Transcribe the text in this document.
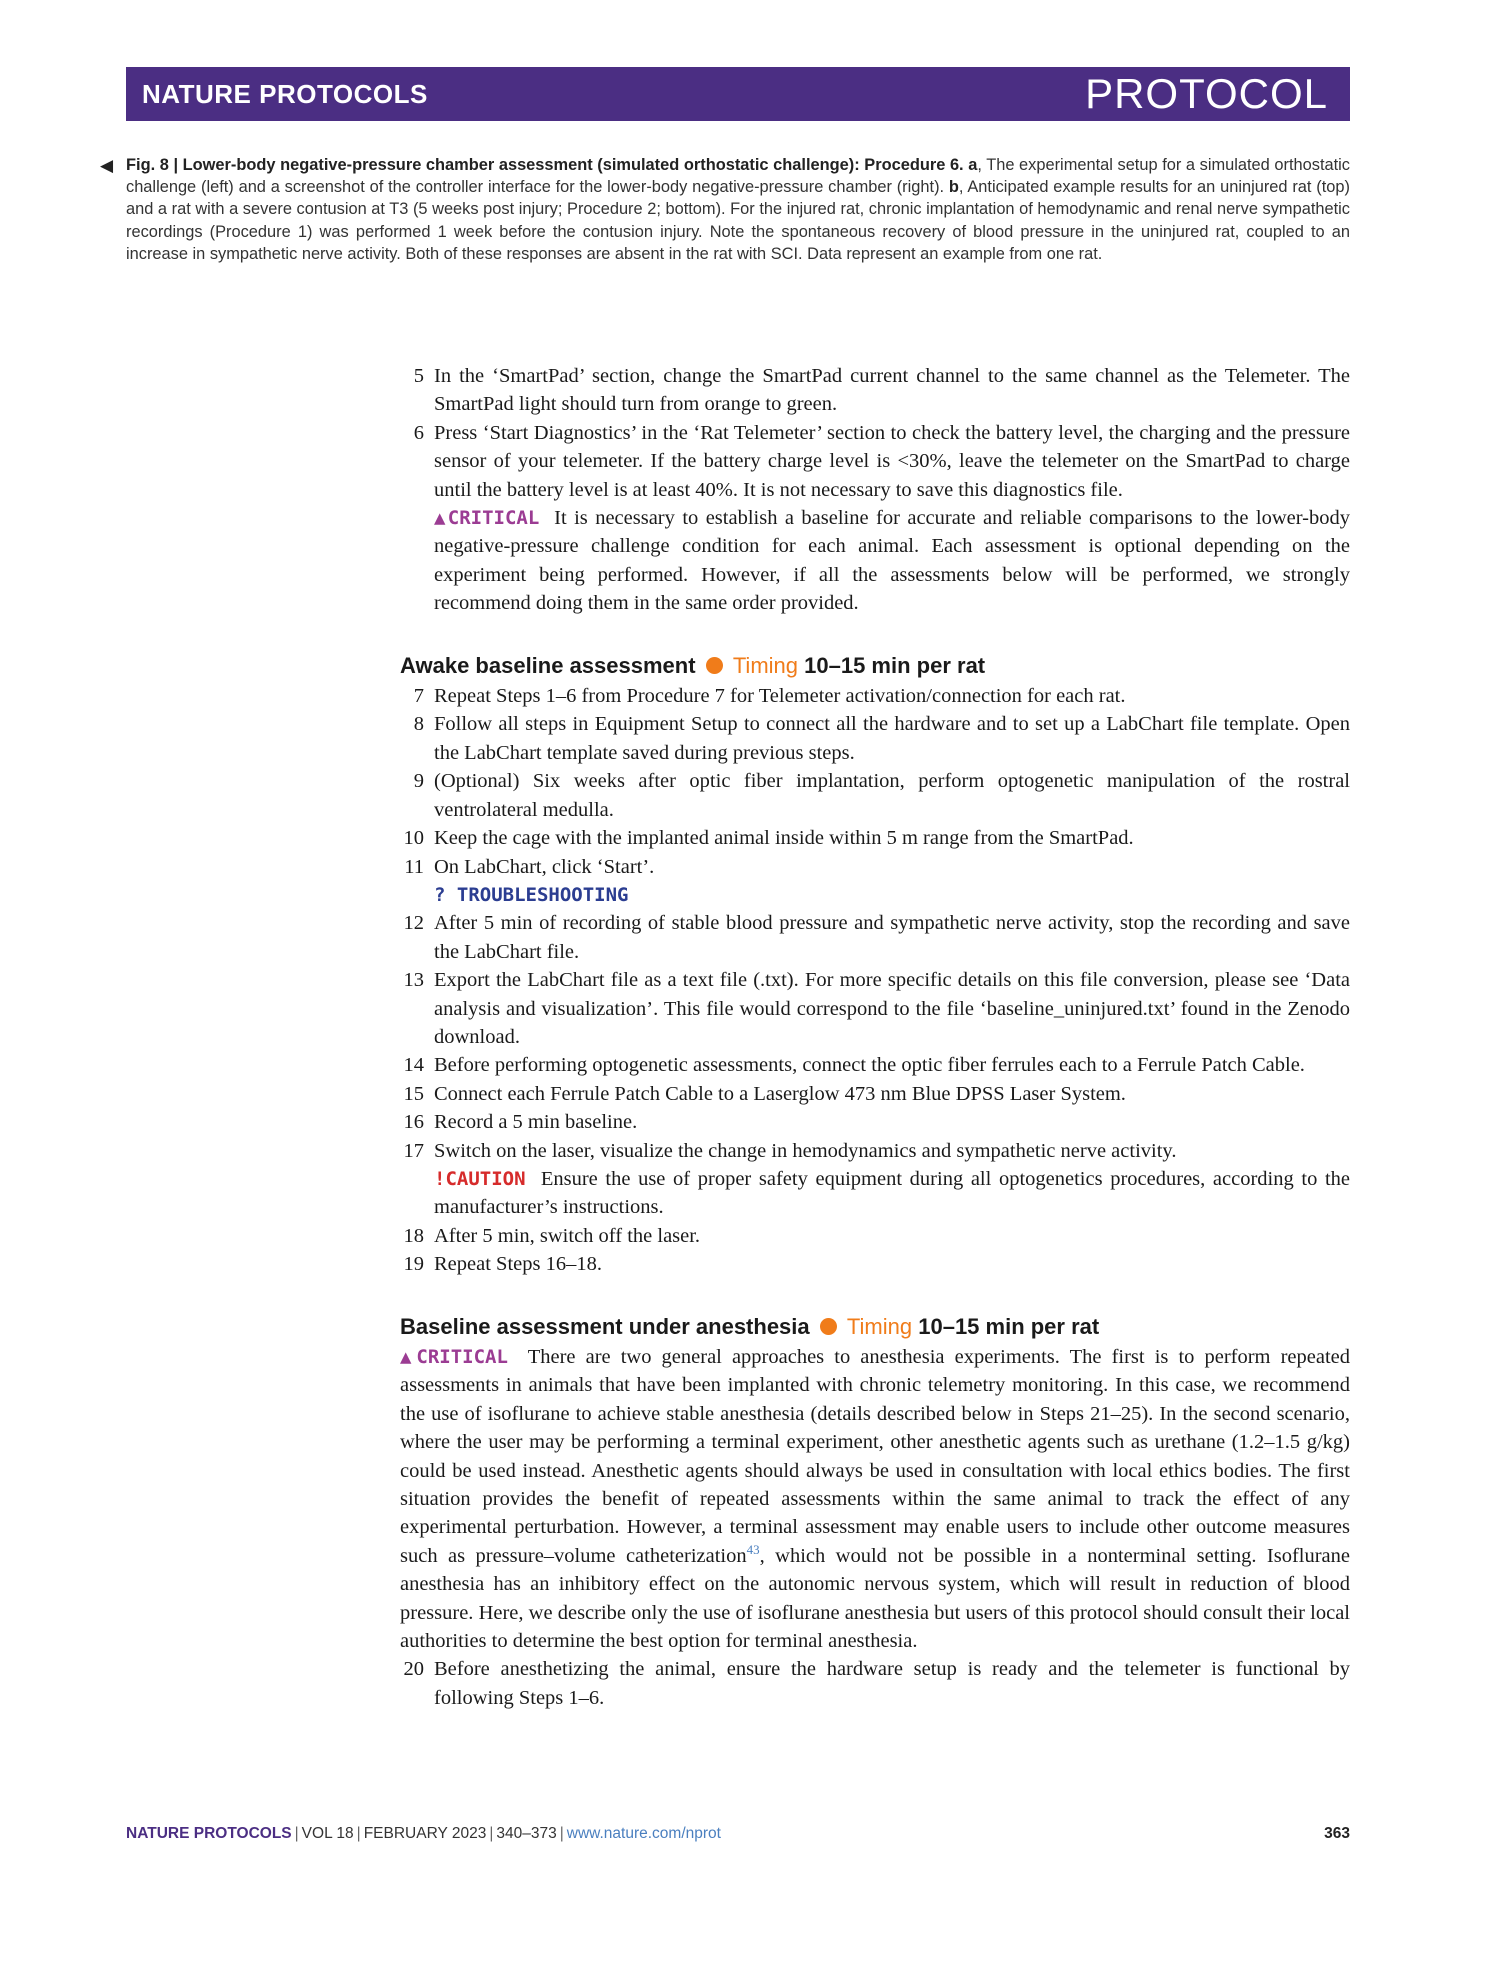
NATURE PROTOCOLS	PROTOCOL
◀ Fig. 8 | Lower-body negative-pressure chamber assessment (simulated orthostatic challenge): Procedure 6. a, The experimental setup for a simulated orthostatic challenge (left) and a screenshot of the controller interface for the lower-body negative-pressure chamber (right). b, Anticipated example results for an uninjured rat (top) and a rat with a severe contusion at T3 (5 weeks post injury; Procedure 2; bottom). For the injured rat, chronic implantation of hemodynamic and renal nerve sympathetic recordings (Procedure 1) was performed 1 week before the contusion injury. Note the spontaneous recovery of blood pressure in the uninjured rat, coupled to an increase in sympathetic nerve activity. Both of these responses are absent in the rat with SCI. Data represent an example from one rat.
5 In the ‘SmartPad’ section, change the SmartPad current channel to the same channel as the Telemeter. The SmartPad light should turn from orange to green.
6 Press ‘Start Diagnostics’ in the ‘Rat Telemeter’ section to check the battery level, the charging and the pressure sensor of your telemeter. If the battery charge level is <30%, leave the telemeter on the SmartPad to charge until the battery level is at least 40%. It is not necessary to save this diagnostics file.
▲CRITICAL It is necessary to establish a baseline for accurate and reliable comparisons to the lower-body negative-pressure challenge condition for each animal. Each assessment is optional depending on the experiment being performed. However, if all the assessments below will be performed, we strongly recommend doing them in the same order provided.
Awake baseline assessment Timing 10–15 min per rat
7 Repeat Steps 1–6 from Procedure 7 for Telemeter activation/connection for each rat.
8 Follow all steps in Equipment Setup to connect all the hardware and to set up a LabChart file template. Open the LabChart template saved during previous steps.
9 (Optional) Six weeks after optic fiber implantation, perform optogenetic manipulation of the rostral ventrolateral medulla.
10 Keep the cage with the implanted animal inside within 5 m range from the SmartPad.
11 On LabChart, click ‘Start’.
? TROUBLESHOOTING
12 After 5 min of recording of stable blood pressure and sympathetic nerve activity, stop the recording and save the LabChart file.
13 Export the LabChart file as a text file (.txt). For more specific details on this file conversion, please see ‘Data analysis and visualization’. This file would correspond to the file ‘baseline_uninjured.txt’ found in the Zenodo download.
14 Before performing optogenetic assessments, connect the optic fiber ferrules each to a Ferrule Patch Cable.
15 Connect each Ferrule Patch Cable to a Laserglow 473 nm Blue DPSS Laser System.
16 Record a 5 min baseline.
17 Switch on the laser, visualize the change in hemodynamics and sympathetic nerve activity.
!CAUTION Ensure the use of proper safety equipment during all optogenetics procedures, according to the manufacturer’s instructions.
18 After 5 min, switch off the laser.
19 Repeat Steps 16–18.
Baseline assessment under anesthesia Timing 10–15 min per rat
▲CRITICAL There are two general approaches to anesthesia experiments. The first is to perform repeated assessments in animals that have been implanted with chronic telemetry monitoring. In this case, we recommend the use of isoflurane to achieve stable anesthesia (details described below in Steps 21–25). In the second scenario, where the user may be performing a terminal experiment, other anesthetic agents such as urethane (1.2–1.5 g/kg) could be used instead. Anesthetic agents should always be used in consultation with local ethics bodies. The first situation provides the benefit of repeated assessments within the same animal to track the effect of any experimental perturbation. However, a terminal assessment may enable users to include other outcome measures such as pressure–volume catheterization$^{43}$, which would not be possible in a nonterminal setting. Isoflurane anesthesia has an inhibitory effect on the autonomic nervous system, which will result in reduction of blood pressure. Here, we describe only the use of isoflurane anesthesia but users of this protocol should consult their local authorities to determine the best option for terminal anesthesia.
20 Before anesthetizing the animal, ensure the hardware setup is ready and the telemeter is functional by following Steps 1–6.
NATURE PROTOCOLS | VOL 18 | FEBRUARY 2023 | 340–373 | www.nature.com/nprot	363
